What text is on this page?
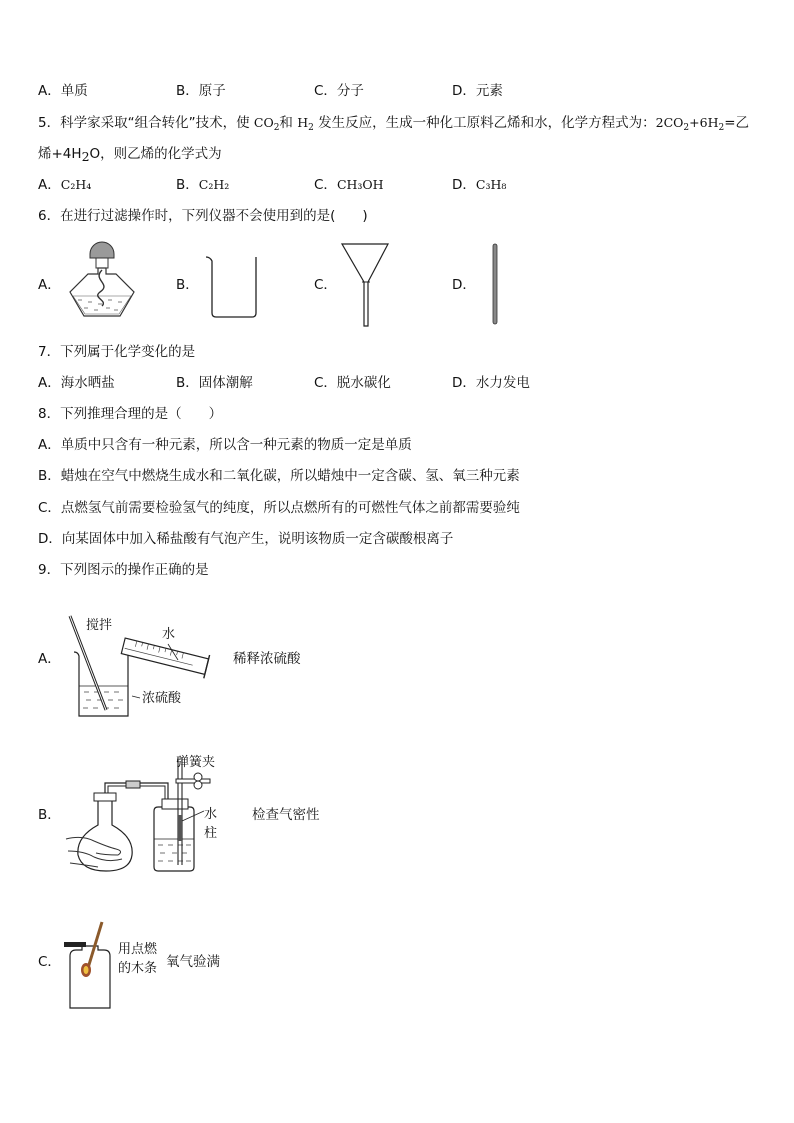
A．单质	B．原子	C．分子	D．元素
5．科学家采取“组合转化”技术，使 $CO_2$和 $H_2$ 发生反应，生成一种化工原料乙烯和水，化学方程式为：$2CO_2+6H_2=$乙
烯$+4H_2O$，则乙烯的化学式为
A．C₂H₄	B．C₂H₂	C．CH₃OH	D．C₃H₈
6．在进行过滤操作时，下列仪器不会使用到的是(　　)
A．	B．	C．	D．
7．下列属于化学变化的是
A．海水晒盐	B．固体潮解	C．脱水碳化	D．水力发电
8．下列推理合理的是（　　）
A．单质中只含有一种元素，所以含一种元素的物质一定是单质
B．蜡烛在空气中燃烧生成水和二氧化碳，所以蜡烛中一定含碳、氢、氧三种元素
C．点燃氢气前需要检验氢气的纯度，所以点燃所有的可燃性气体之前都需要验纯
D．向某固体中加入稀盐酸有气泡产生，说明该物质一定含碳酸根离子
9．下列图示的操作正确的是
A．
搅拌
水
浓硫酸
稀释浓硫酸
B．
弹簧夹
水
柱
检查气密性
C．
用点燃
的木条 氧气验满
